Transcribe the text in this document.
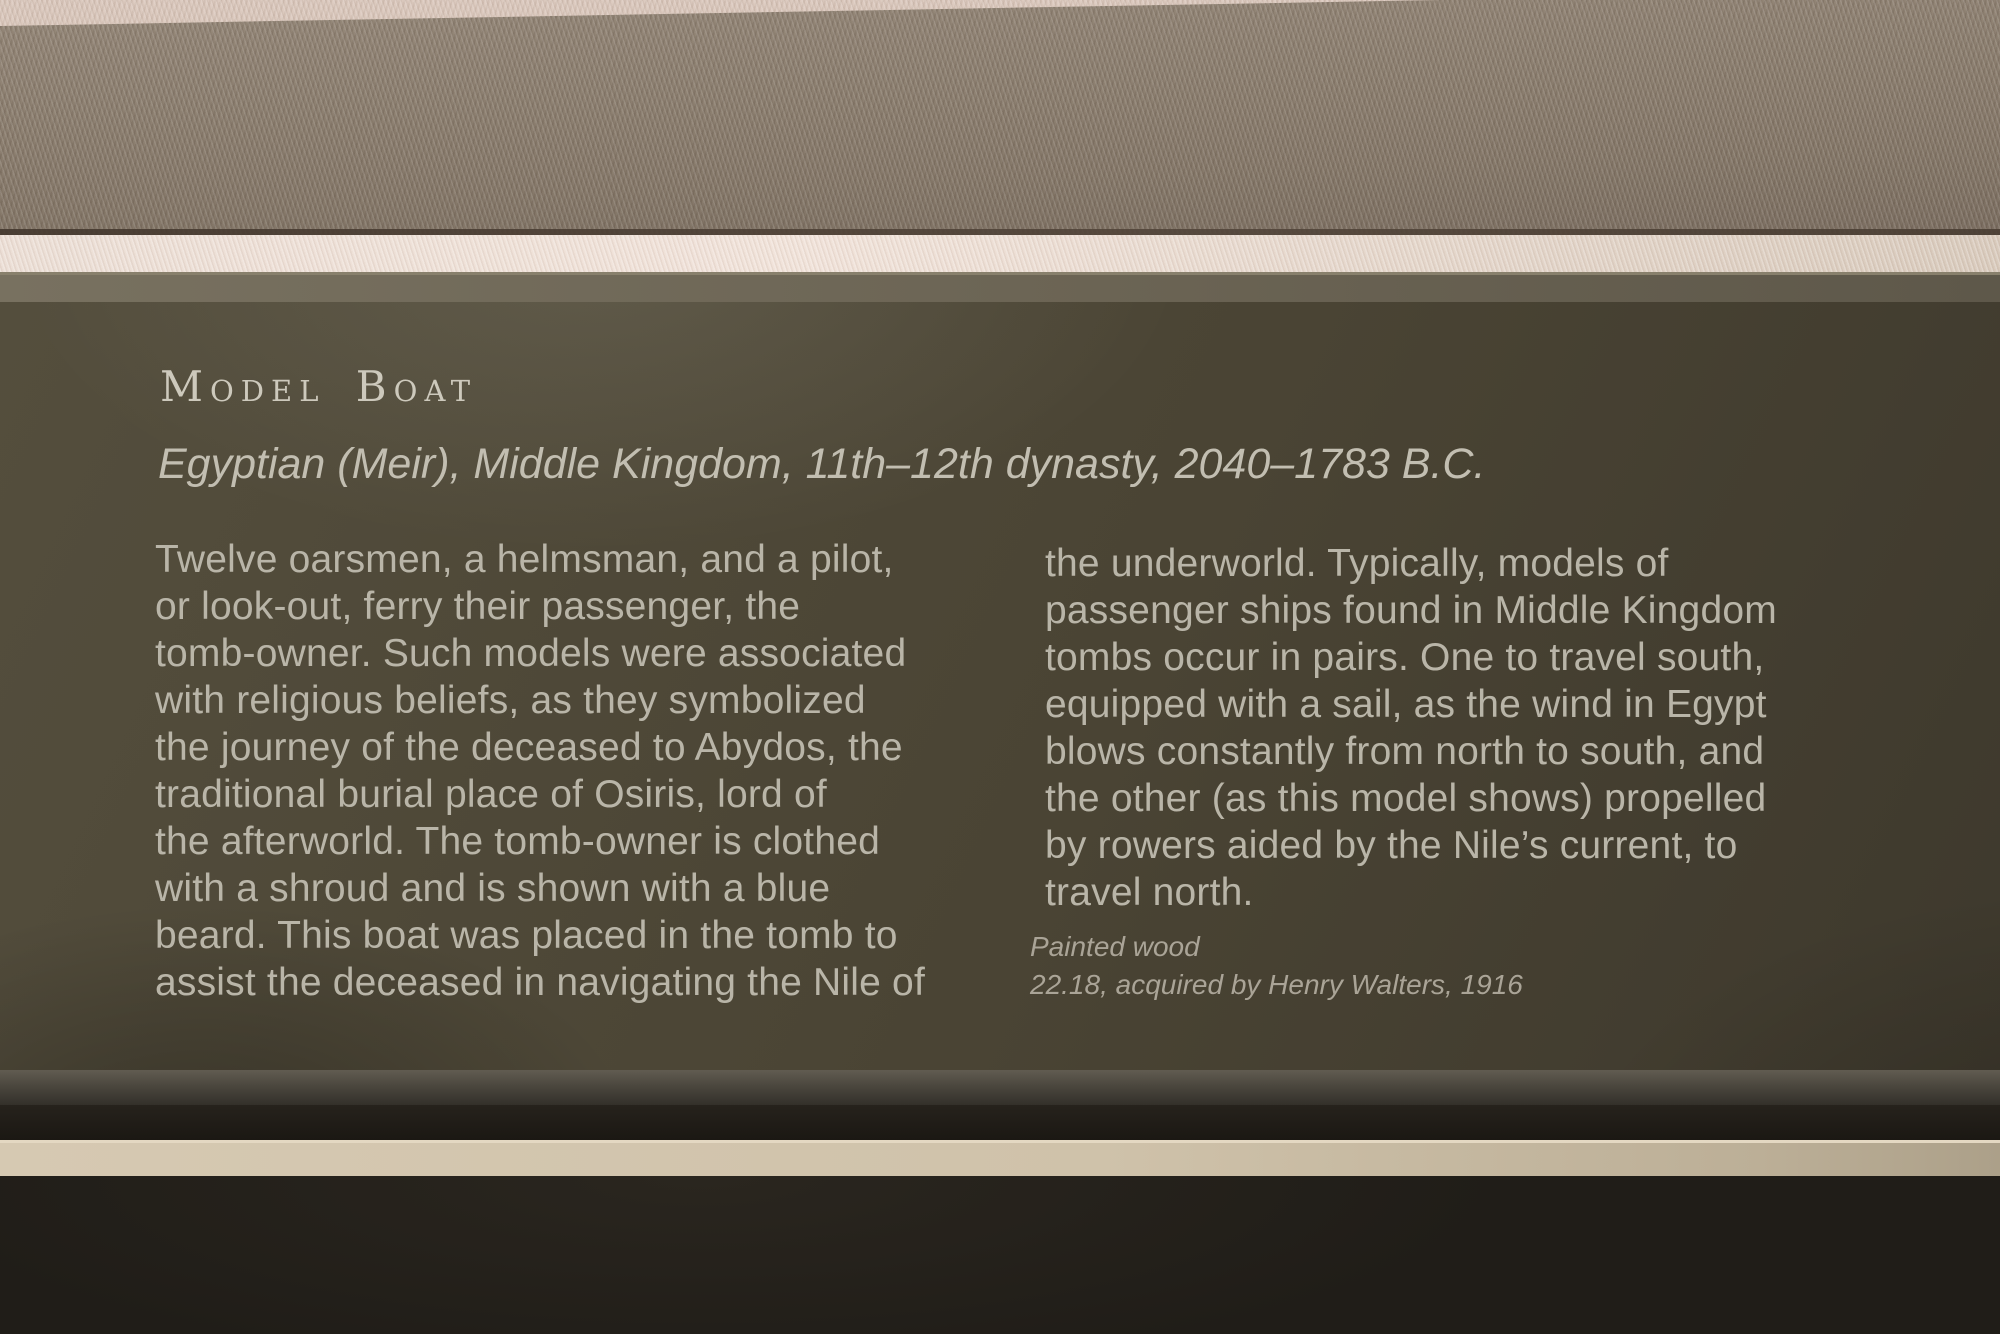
Model Boat
Egyptian (Meir), Middle Kingdom, 11th–12th dynasty, 2040–1783 B.C.
Twelve oarsmen, a helmsman, and a pilot,
or look-out, ferry their passenger, the
tomb-owner. Such models were associated
with religious beliefs, as they symbolized
the journey of the deceased to Abydos, the
traditional burial place of Osiris, lord of
the afterworld. The tomb-owner is clothed
with a shroud and is shown with a blue
beard. This boat was placed in the tomb to
assist the deceased in navigating the Nile of
the underworld. Typically, models of
passenger ships found in Middle Kingdom
tombs occur in pairs. One to travel south,
equipped with a sail, as the wind in Egypt
blows constantly from north to south, and
the other (as this model shows) propelled
by rowers aided by the Nile’s current, to
travel north.
Painted wood
22.18, acquired by Henry Walters, 1916
